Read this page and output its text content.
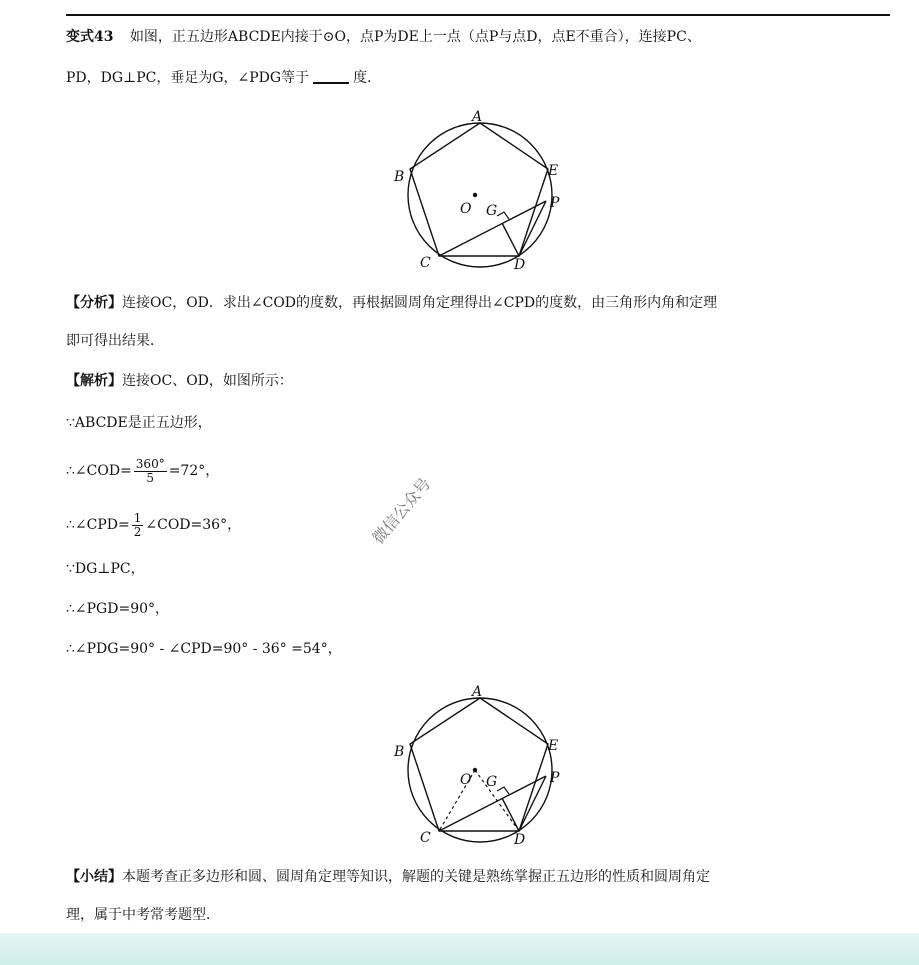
变式43 如图，正五边形ABCDE内接于⊙O，点P为DE上一点（点P与点D，点E不重合），连接PC、
PD，DG⊥PC，垂足为G，∠PDG等于	度．
A
B
C	D
E
O G	P
【分析】连接OC，OD．求出∠COD的度数，再根据圆周角定理得出∠CPD的度数，由三角形内角和定理
即可得出结果．
【解析】连接OC、OD，如图所示：
∵ABCDE是正五边形，
∴∠COD= $\frac{360^\circ}{5} =72^\circ$，
∴∠CPD= $\frac{1}{2}$ ∠COD=36°，
∵DG⊥PC，
∴∠PGD=90°，
∴∠PDG=90° - ∠CPD=90° - 36° =54°，
A
B
C	D
E
O G	P
【小结】本题考查正多边形和圆、圆周角定理等知识，解题的关键是熟练掌握正五边形的性质和圆周角定
理，属于中考常考题型．
微信公众号
